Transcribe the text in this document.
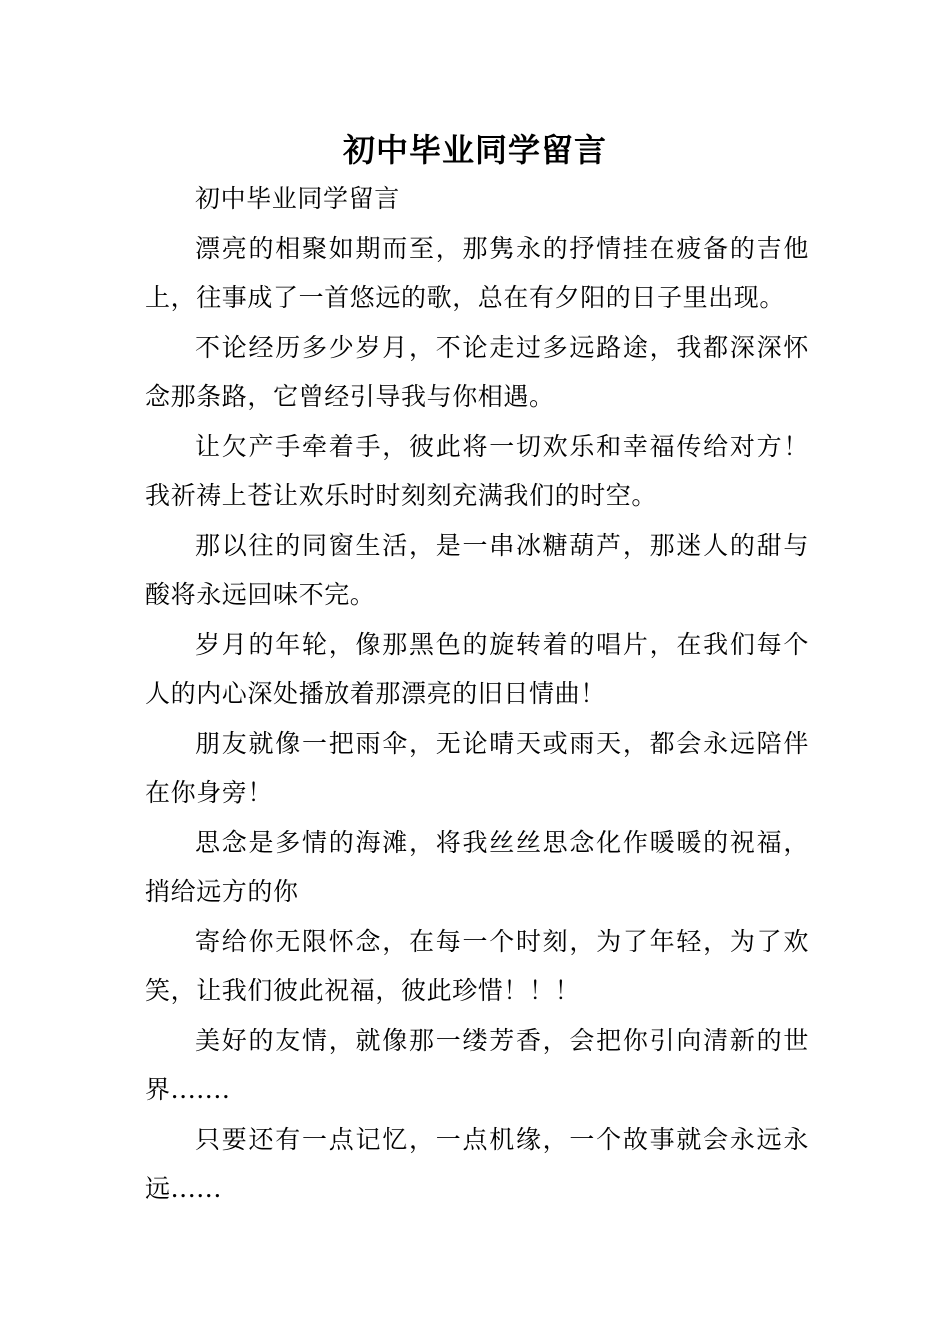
初中毕业同学留言

初中毕业同学留言

漂亮的相聚如期而至，那隽永的抒情挂在疲备的吉他上，往事成了一首悠远的歌，总在有夕阳的日子里出现。

不论经历多少岁月，不论走过多远路途，我都深深怀念那条路，它曾经引导我与你相遇。

让欠产手牵着手，彼此将一切欢乐和幸福传给对方！我祈祷上苍让欢乐时时刻刻充满我们的时空。

那以往的同窗生活，是一串冰糖葫芦，那迷人的甜与酸将永远回味不完。

岁月的年轮，像那黑色的旋转着的唱片，在我们每个人的内心深处播放着那漂亮的旧日情曲！

朋友就像一把雨伞，无论晴天或雨天，都会永远陪伴在你身旁！

思念是多情的海滩，将我丝丝思念化作暖暖的祝福，捎给远方的你

寄给你无限怀念，在每一个时刻，为了年轻，为了欢笑，让我们彼此祝福，彼此珍惜！！！

美好的友情，就像那一缕芳香，会把你引向清新的世界.......

只要还有一点记忆，一点机缘，一个故事就会永远永远......
